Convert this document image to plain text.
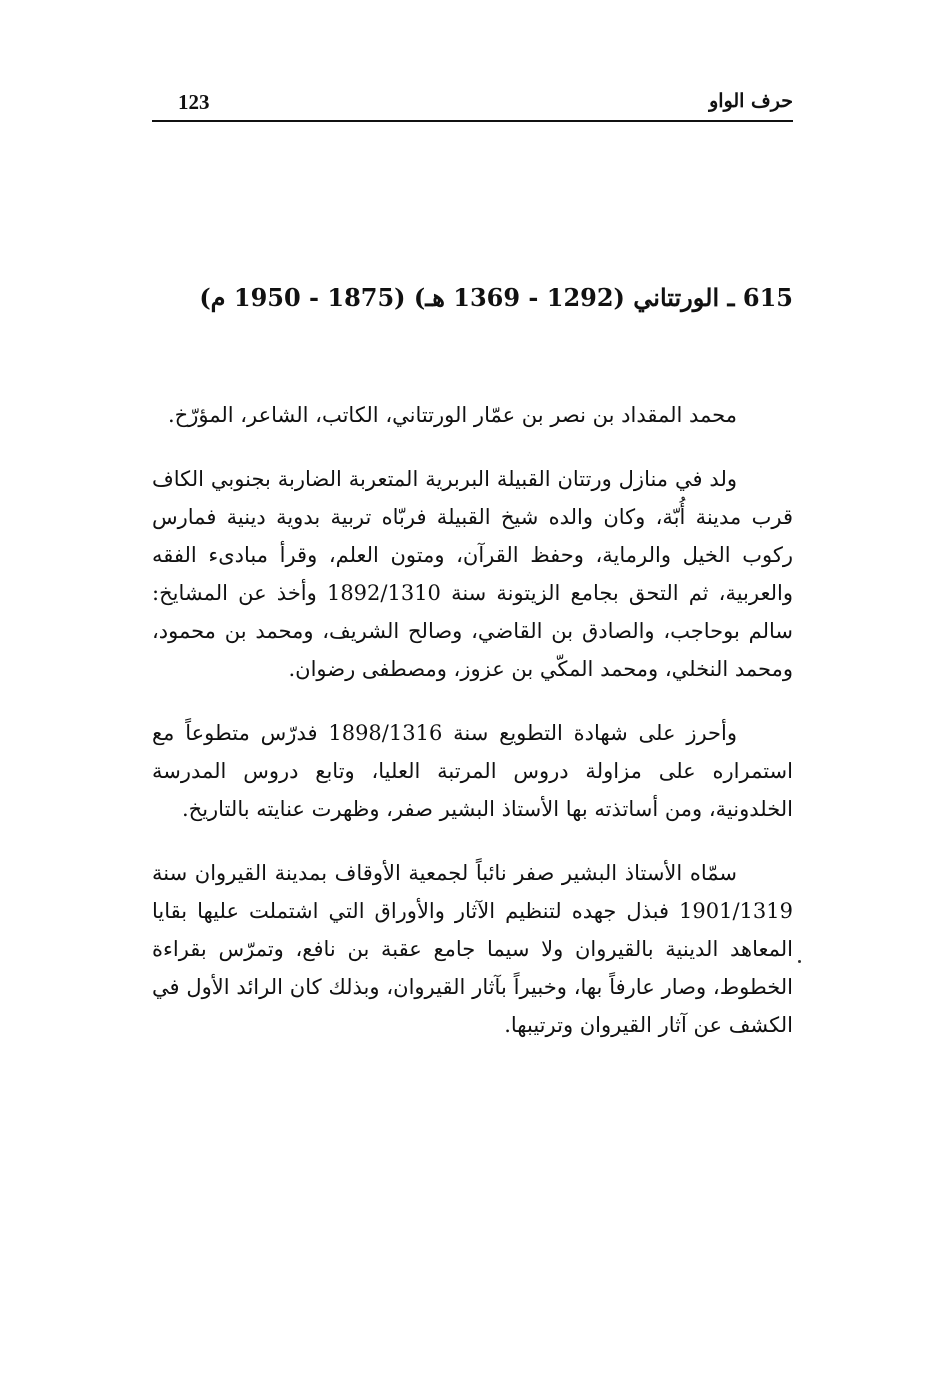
123	حرف الواو
615 ـ الورتتاني (1292 - 1369 هـ) (1875 - 1950 م)

محمد المقداد بن نصر بن عمّار الورتتاني، الكاتب، الشاعر، المؤرّخ.

ولد في منازل ورتتان القبيلة البربرية المتعربة الضاربة بجنوبي الكاف قرب مدينة أُبّة، وكان والده شيخ القبيلة فربّاه تربية بدوية دينية فمارس ركوب الخيل والرماية، وحفظ القرآن، ومتون العلم، وقرأ مبادىء الفقه والعربية، ثم التحق بجامع الزيتونة سنة 1892/1310 وأخذ عن المشايخ: سالم بوحاجب، والصادق بن القاضي، وصالح الشريف، ومحمد بن محمود، ومحمد النخلي، ومحمد المكّي بن عزوز، ومصطفى رضوان.

وأحرز على شهادة التطويع سنة 1898/1316 فدرّس متطوعاً مع استمراره على مزاولة دروس المرتبة العليا، وتابع دروس المدرسة الخلدونية، ومن أساتذته بها الأستاذ البشير صفر، وظهرت عنايته بالتاريخ.

سمّاه الأستاذ البشير صفر نائباً لجمعية الأوقاف بمدينة القيروان سنة 1901/1319 فبذل جهده لتنظيم الآثار والأوراق التي اشتملت عليها بقايا المعاهد الدينية بالقيروان ولا سيما جامع عقبة بن نافع، وتمرّس بقراءة الخطوط، وصار عارفاً بها، وخبيراً بآثار القيروان، وبذلك كان الرائد الأول في الكشف عن آثار القيروان وترتيبها.
